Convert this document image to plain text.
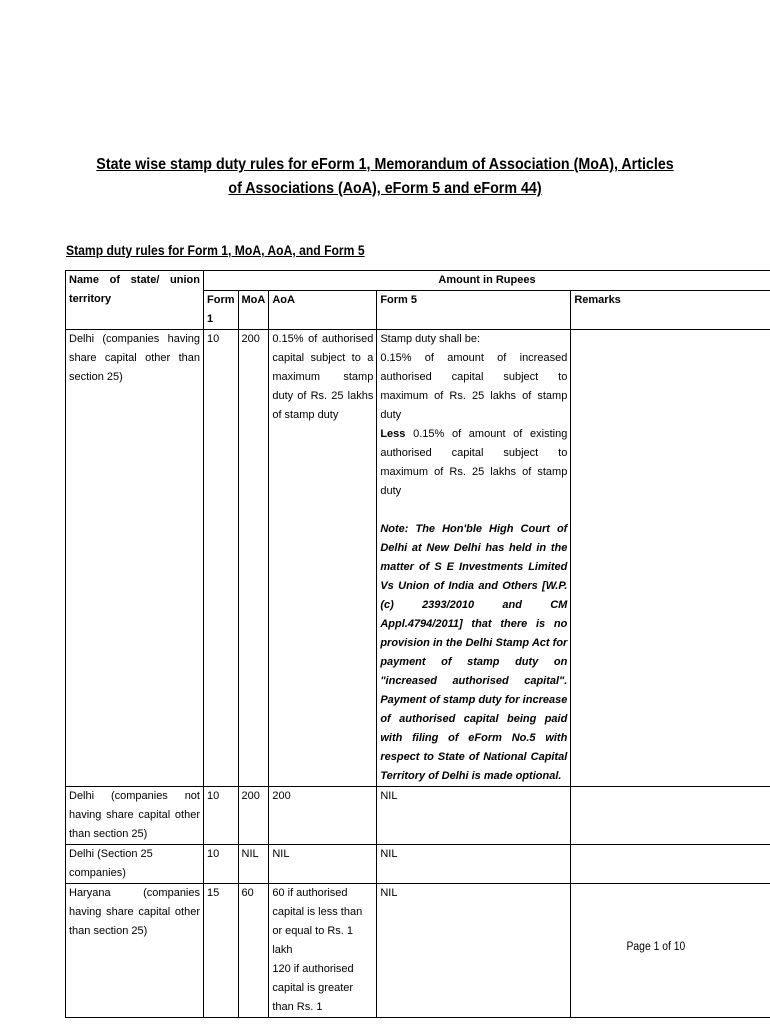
State wise stamp duty rules for eForm 1, Memorandum of Association (MoA), Articles of Associations (AoA), eForm 5 and eForm 44)
Stamp duty rules for Form 1, MoA, AoA, and Form 5
Name of state/ union territory	Amount in Rupees				
	Form 1	MoA	AoA	Form 5	Remarks
Delhi (companies having share capital other than section 25)	10	200	0.15% of authorised capital subject to a maximum stamp duty of Rs. 25 lakhs of stamp duty	Stamp duty shall be:
0.15% of amount of increased authorised capital subject to maximum of Rs. 25 lakhs of stamp duty
Less 0.15% of amount of existing authorised capital subject to maximum of Rs. 25 lakhs of stamp duty
Note: The Hon'ble High Court of Delhi at New Delhi has held in the matter of S E Investments Limited Vs Union of India and Others [W.P. (c) 2393/2010 and CM Appl.4794/2011] that there is no provision in the Delhi Stamp Act for payment of stamp duty on "increased authorised capital". Payment of stamp duty for increase of authorised capital being paid with filing of eForm No.5 with respect to State of National Capital Territory of Delhi is made optional.	

Delhi (companies not having share capital other than section 25)	10	200	200	NIL	
Delhi (Section 25 companies)	10	NIL	NIL	NIL	
Haryana (companies having share capital other than section 25)	15	60	60 if authorised capital is less than or equal to Rs. 1 lakh
120 if authorised capital is greater than Rs. 1	NIL	
Page 1 of 10
